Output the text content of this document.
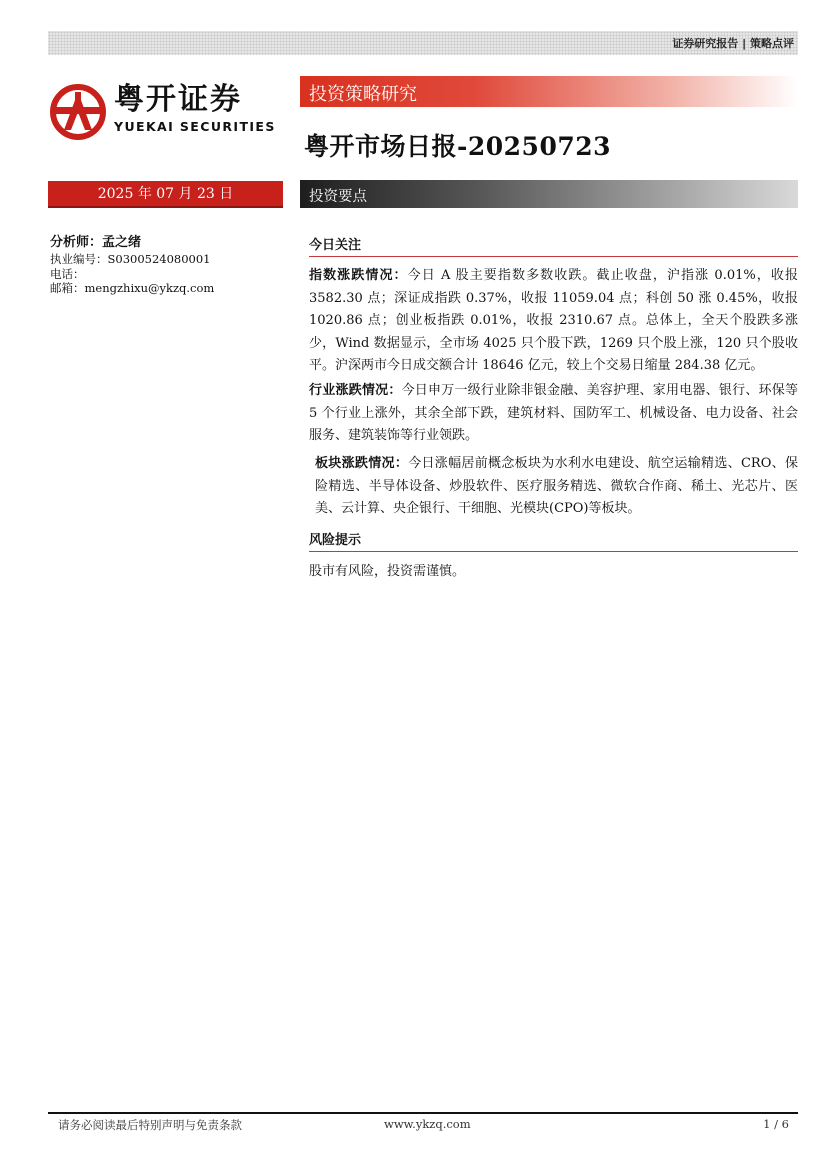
证券研究报告 | 策略点评
粤开证券
YUEKAI SECURITIES
投资策略研究
粤开市场日报-20250723
2025 年 07 月 23 日	投资要点
分析师：孟之绪
执业编号：S0300524080001
电话：
邮箱：mengzhixu@ykzq.com
今日关注
指数涨跌情况：今日 A 股主要指数多数收跌。截止收盘，沪指涨 0.01%，收报 3582.30 点；深证成指跌 0.37%，收报 11059.04 点；科创 50 涨 0.45%，收报 1020.86 点；创业板指跌 0.01%，收报 2310.67 点。总体上，全天个股跌多涨少，Wind 数据显示，全市场 4025 只个股下跌，1269 只个股上涨，120 只个股收平。沪深两市今日成交额合计 18646 亿元，较上个交易日缩量 284.38 亿元。
行业涨跌情况：今日申万一级行业除非银金融、美容护理、家用电器、银行、环保等 5 个行业上涨外，其余全部下跌，建筑材料、国防军工、机械设备、电力设备、社会服务、建筑装饰等行业领跌。
板块涨跌情况：今日涨幅居前概念板块为水利水电建设、航空运输精选、CRO、保险精选、半导体设备、炒股软件、医疗服务精选、微软合作商、稀土、光芯片、医美、云计算、央企银行、干细胞、光模块(CPO)等板块。
风险提示
股市有风险，投资需谨慎。
请务必阅读最后特别声明与免责条款	www.ykzq.com	1 / 6
